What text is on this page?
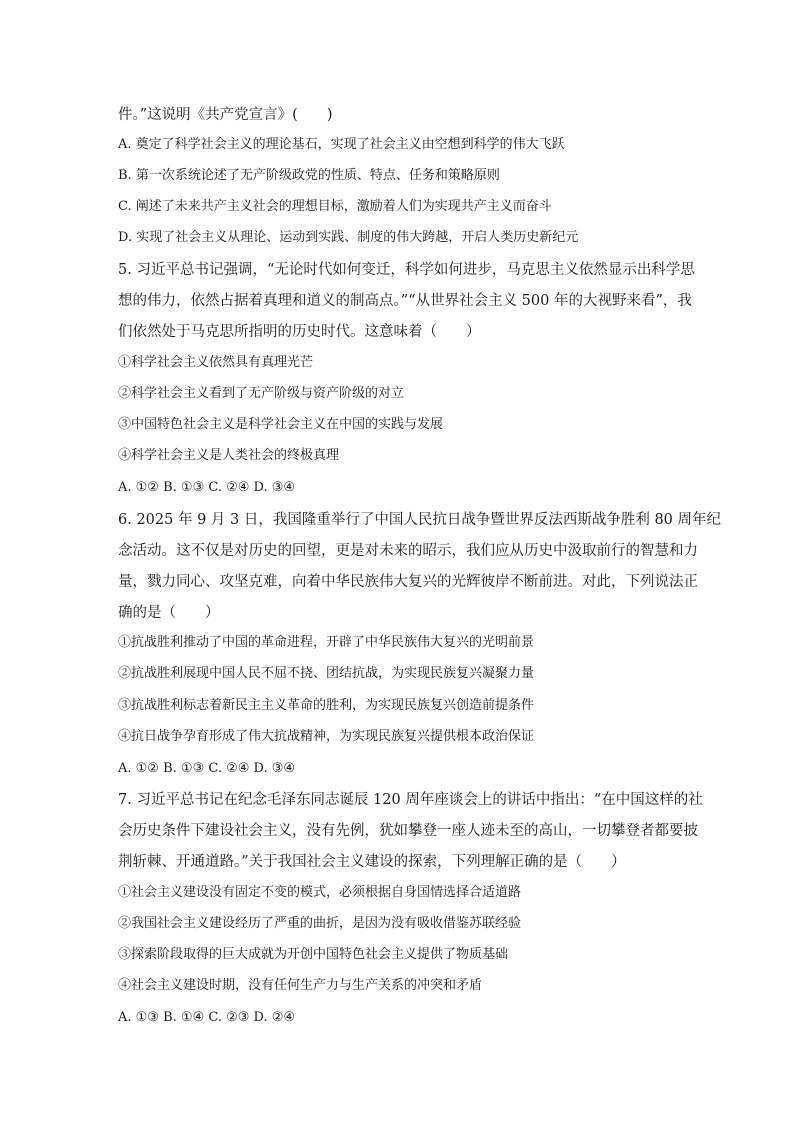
件。”这说明《共产党宣言》(　　)
A. 奠定了科学社会主义的理论基石，实现了社会主义由空想到科学的伟大飞跃
B. 第一次系统论述了无产阶级政党的性质、特点、任务和策略原则
C. 阐述了未来共产主义社会的理想目标，激励着人们为实现共产主义而奋斗
D. 实现了社会主义从理论、运动到实践、制度的伟大跨越，开启人类历史新纪元
5. 习近平总书记强调，“无论时代如何变迁，科学如何进步，马克思主义依然显示出科学思
想的伟力，依然占据着真理和道义的制高点。”“从世界社会主义 500 年的大视野来看”，我
们依然处于马克思所指明的历史时代。这意味着（　　）
①科学社会主义依然具有真理光芒
②科学社会主义看到了无产阶级与资产阶级的对立
③中国特色社会主义是科学社会主义在中国的实践与发展
④科学社会主义是人类社会的终极真理
A. ①② B. ①③ C. ②④ D. ③④
6. 2025 年 9 月 3 日，我国隆重举行了中国人民抗日战争暨世界反法西斯战争胜利 80 周年纪
念活动。这不仅是对历史的回望，更是对未来的昭示，我们应从历史中汲取前行的智慧和力
量，戮力同心、攻坚克难，向着中华民族伟大复兴的光辉彼岸不断前进。对此，下列说法正
确的是（　　）
①抗战胜利推动了中国的革命进程，开辟了中华民族伟大复兴的光明前景
②抗战胜利展现中国人民不屈不挠、团结抗战，为实现民族复兴凝聚力量
③抗战胜利标志着新民主主义革命的胜利，为实现民族复兴创造前提条件
④抗日战争孕育形成了伟大抗战精神，为实现民族复兴提供根本政治保证
A. ①② B. ①③ C. ②④ D. ③④
7. 习近平总书记在纪念毛泽东同志诞辰 120 周年座谈会上的讲话中指出：“在中国这样的社
会历史条件下建设社会主义，没有先例，犹如攀登一座人迹未至的高山，一切攀登者都要披
荆斩棘、开通道路。”关于我国社会主义建设的探索，下列理解正确的是（　　）
①社会主义建设没有固定不变的模式，必须根据自身国情选择合适道路
②我国社会主义建设经历了严重的曲折，是因为没有吸收借鉴苏联经验
③探索阶段取得的巨大成就为开创中国特色社会主义提供了物质基础
④社会主义建设时期，没有任何生产力与生产关系的冲突和矛盾
A. ①③ B. ①④ C. ②③ D. ②④
